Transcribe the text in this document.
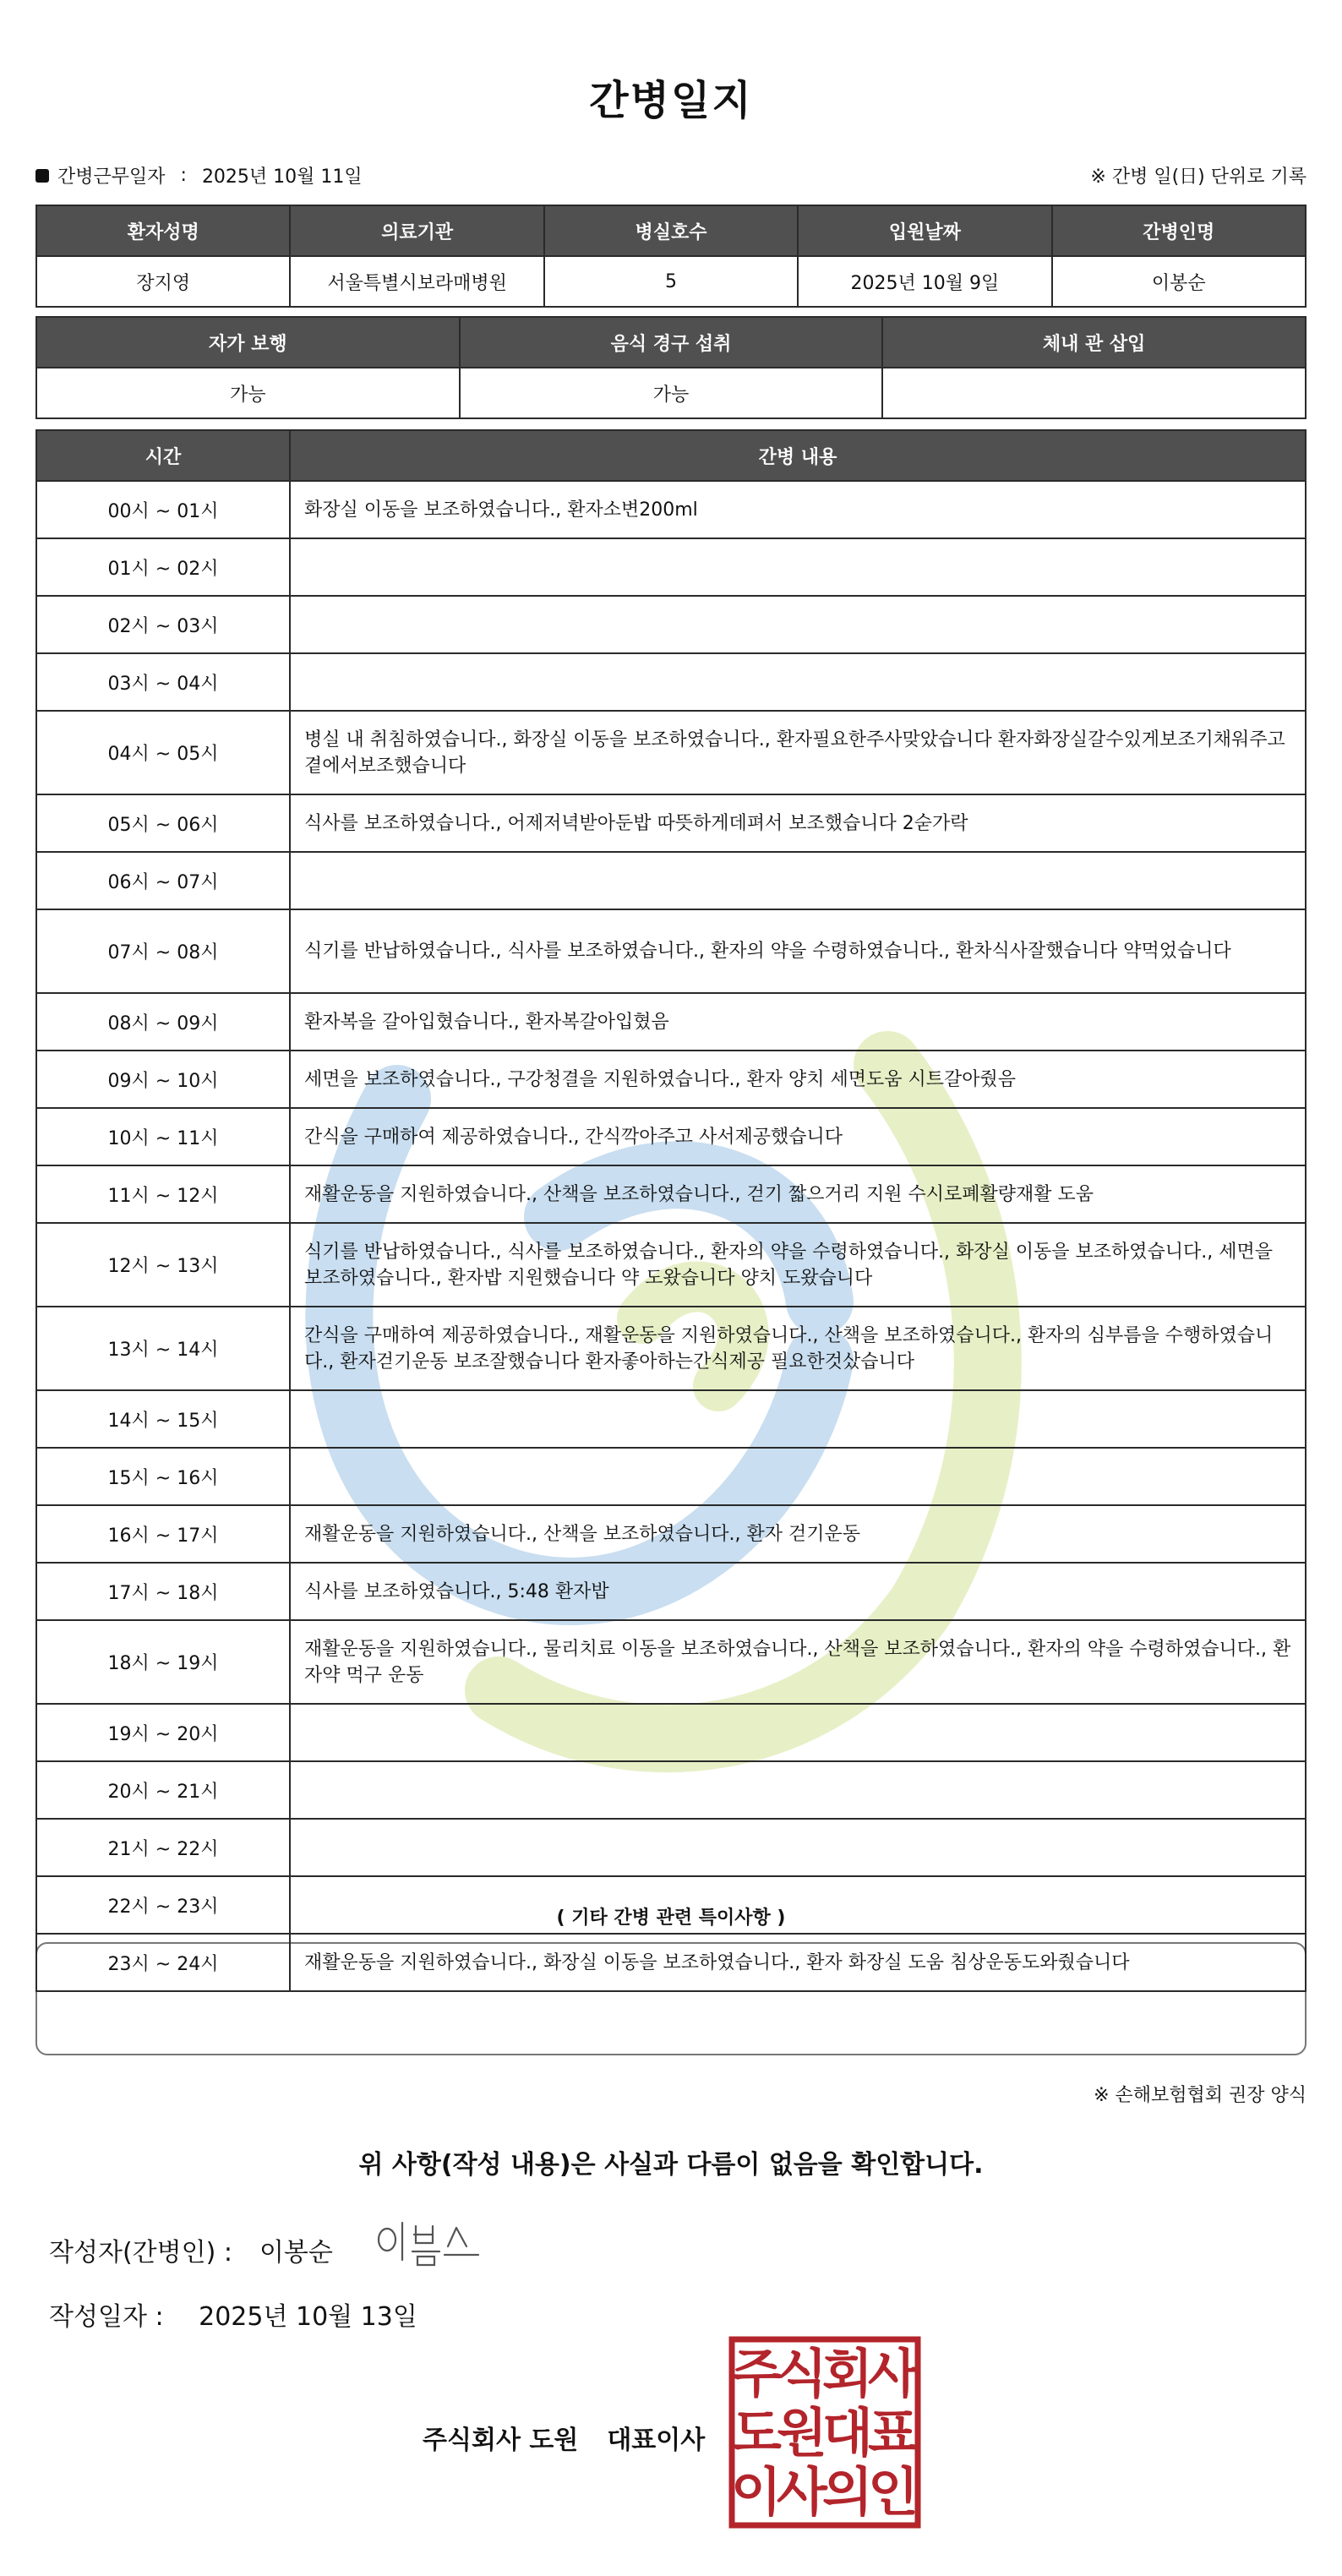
간병일지
간병근무일자 : 2025년 10월 11일	※ 간병 일(日) 단위로 기록
환자성명	의료기관	병실호수	입원날짜	간병인명
장지영	서울특별시보라매병원	5	2025년 10월 9일	이봉순
자가 보행	음식 경구 섭취	체내 관 삽입
가능	가능	
시간	간병 내용
00시 ~ 01시	화장실 이동을 보조하였습니다., 환자소변200ml
01시 ~ 02시	
02시 ~ 03시	
03시 ~ 04시	
04시 ~ 05시	병실 내 취침하였습니다., 화장실 이동을 보조하였습니다., 환자필요한주사맞았습니다 환자화장실갈수있게보조기채워주고 곁에서보조했습니다
05시 ~ 06시	식사를 보조하였습니다., 어제저녁받아둔밥 따뜻하게데펴서 보조했습니다 2숟가락
06시 ~ 07시	
07시 ~ 08시	식기를 반납하였습니다., 식사를 보조하였습니다., 환자의 약을 수령하였습니다., 환차식사잘했습니다 약먹었습니다
08시 ~ 09시	환자복을 갈아입혔습니다., 환자복갈아입혔음
09시 ~ 10시	세면을 보조하였습니다., 구강청결을 지원하였습니다., 환자 양치 세면도움 시트갈아줬음
10시 ~ 11시	간식을 구매하여 제공하였습니다., 간식깍아주고 사서제공했습니다
11시 ~ 12시	재활운동을 지원하였습니다., 산책을 보조하였습니다., 걷기 짧으거리 지원 수시로폐활량재활 도움
12시 ~ 13시	식기를 반납하였습니다., 식사를 보조하였습니다., 환자의 약을 수령하였습니다., 화장실 이동을 보조하였습니다., 세면을 보조하였습니다., 환자밥 지원했습니다 약 도왔습니다 양치 도왔습니다
13시 ~ 14시	간식을 구매하여 제공하였습니다., 재활운동을 지원하였습니다., 산책을 보조하였습니다., 환자의 심부름을 수행하였습니다., 환자걷기운동 보조잘했습니다 환자좋아하는간식제공 필요한것샀습니다
14시 ~ 15시	
15시 ~ 16시	
16시 ~ 17시	재활운동을 지원하였습니다., 산책을 보조하였습니다., 환자 걷기운동
17시 ~ 18시	식사를 보조하였습니다., 5:48 환자밥
18시 ~ 19시	재활운동을 지원하였습니다., 물리치료 이동을 보조하였습니다., 산책을 보조하였습니다., 환자의 약을 수령하였습니다., 환자약 먹구 운동
19시 ~ 20시	
20시 ~ 21시	
21시 ~ 22시	
22시 ~ 23시	
23시 ~ 24시	재활운동을 지원하였습니다., 화장실 이동을 보조하였습니다., 환자 화장실 도움 침상운동도와줬습니다
( 기타 간병 관련 특이사항 )
※ 손해보험협회 권장 양식
위 사항(작성 내용)은 사실과 다름이 없음을 확인합니다.
작성자(간병인) : 이봉순
작성일자 : 2025년 10월 13일
주식회사 도원 대표이사
주
식
회
사
도
원
대
표
이
사
의
인
